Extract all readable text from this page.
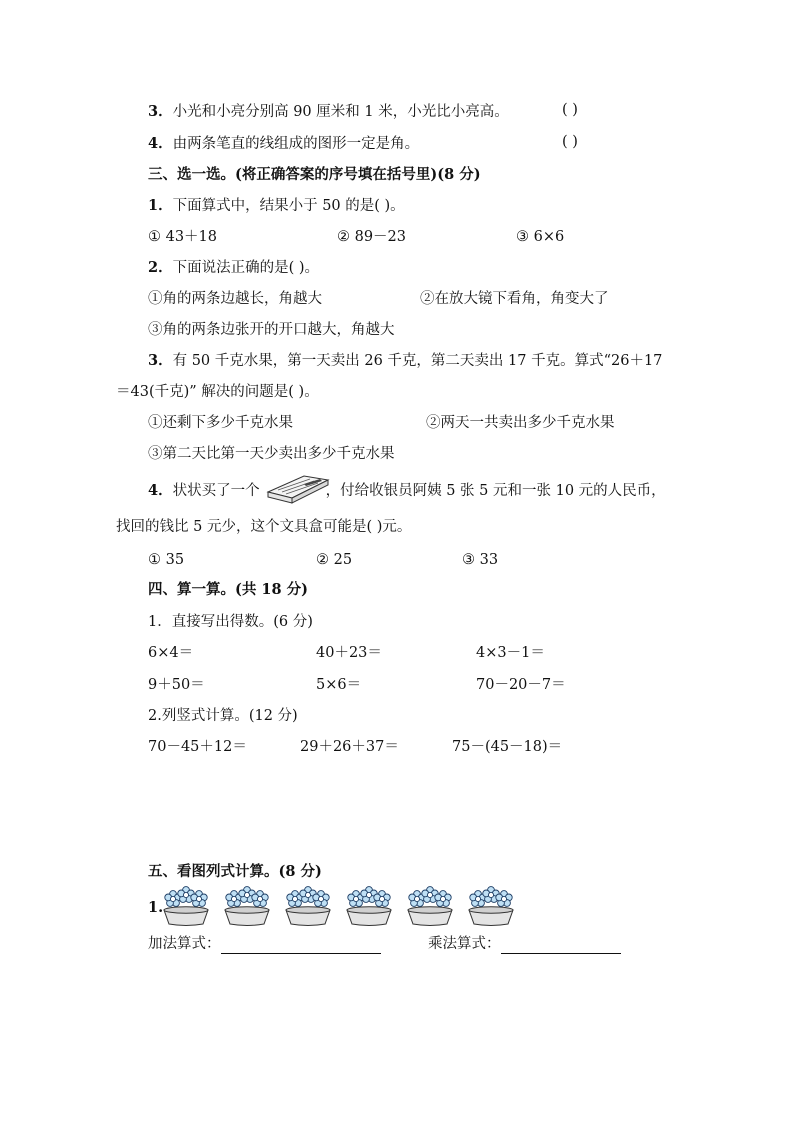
3．小光和小亮分别高 90 厘米和 1 米，小光比小亮高。	( )
4．由两条笔直的线组成的图形一定是角。	( )
三、选一选。(将正确答案的序号填在括号里)(8 分)
1．下面算式中，结果小于 50 的是( )。
① 43＋18	② 89－23	③ 6×6
2．下面说法正确的是( )。
①角的两条边越长，角越大	②在放大镜下看角，角变大了
③角的两条边张开的开口越大，角越大
3．有 50 千克水果，第一天卖出 26 千克，第二天卖出 17 千克。算式“26＋17
＝43(千克)” 解决的问题是( )。
①还剩下多少千克水果	②两天一共卖出多少千克水果
③第二天比第一天少卖出多少千克水果
4．状状买了一个	，付给收银员阿姨 5 张 5 元和一张 10 元的人民币，
找回的钱比 5 元少，这个文具盒可能是( )元。
① 35	② 25	③ 33
四、算一算。(共 18 分)
1．直接写出得数。(6 分)
6×4＝	40＋23＝	4×3－1＝
9＋50＝	5×6＝	70－20－7＝
2.列竖式计算。(12 分)
70－45＋12＝	29＋26＋37＝	75－(45－18)＝
五、看图列式计算。(8 分)
1.
加法算式：	乘法算式：
